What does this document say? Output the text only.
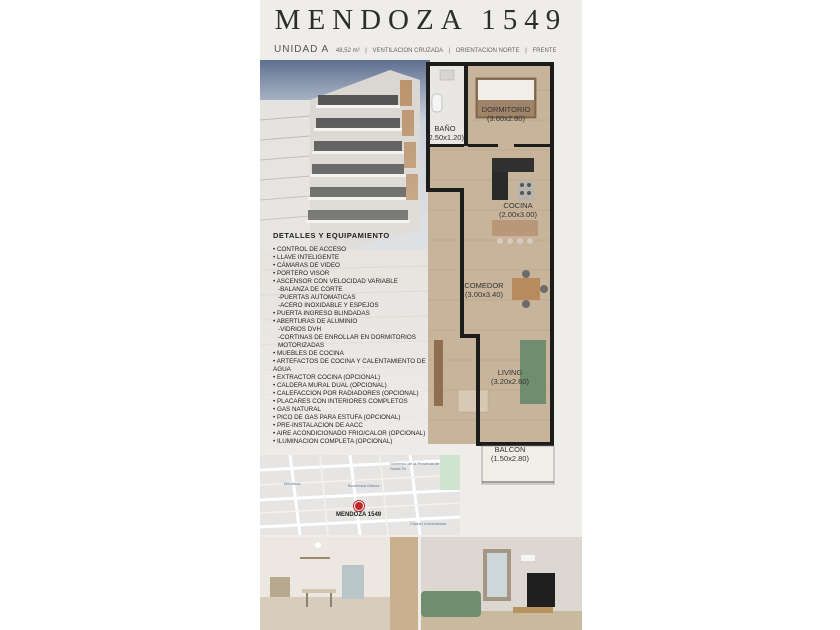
MENDOZA 1549
UNIDAD A 48,52 m² | VENTILACION CRUZADA | ORIENTACION NORTE | FRENTE
DORMITORIO
(3.60x2.80)
BAÑO
(2.50x1.20)
COCINA
(2.00x3.00)
COMEDOR
(3.00x3.40)
LIVING
(3.20x2.60)
BALCON
(1.50x2.80)
Gobierno de la Provincia de Santa Fe
Mendoza	Boulevard Gálvez
Ciudad Universitaria
MENDOZA 1549
DETALLES Y EQUIPAMIENTO
• CONTROL DE ACCESO
• LLAVE INTELIGENTE
• CÁMARAS DE VIDEO
• PORTERO VISOR
• ASCENSOR CON VELOCIDAD VARIABLE
-BALANZA DE CORTE
-PUERTAS AUTOMATICAS
-ACERO INOXIDABLE Y ESPEJOS
• PUERTA INGRESO BLINDADAS
• ABERTURAS DE ALUMINIO
-VIDRIOS DVH
-CORTINAS DE ENROLLAR EN DORMITORIOS MOTORIZADAS
• MUEBLES DE COCINA
• ARTEFACTOS DE COCINA Y CALENTAMIENTO DE AGUA
• EXTRACTOR COCINA (OPCIONAL)
• CALDERA MURAL DUAL (OPCIONAL)
• CALEFACCION POR RADIADORES (OPCIONAL)
• PLACARES CON INTERIORES COMPLETOS
• GAS NATURAL
• PICO DE GAS PARA ESTUFA (OPCIONAL)
• PRE-INSTALACION DE AACC
• AIRE ACONDICIONADO FRIO/CALOR (OPCIONAL)
• ILUMINACION COMPLETA (OPCIONAL)
